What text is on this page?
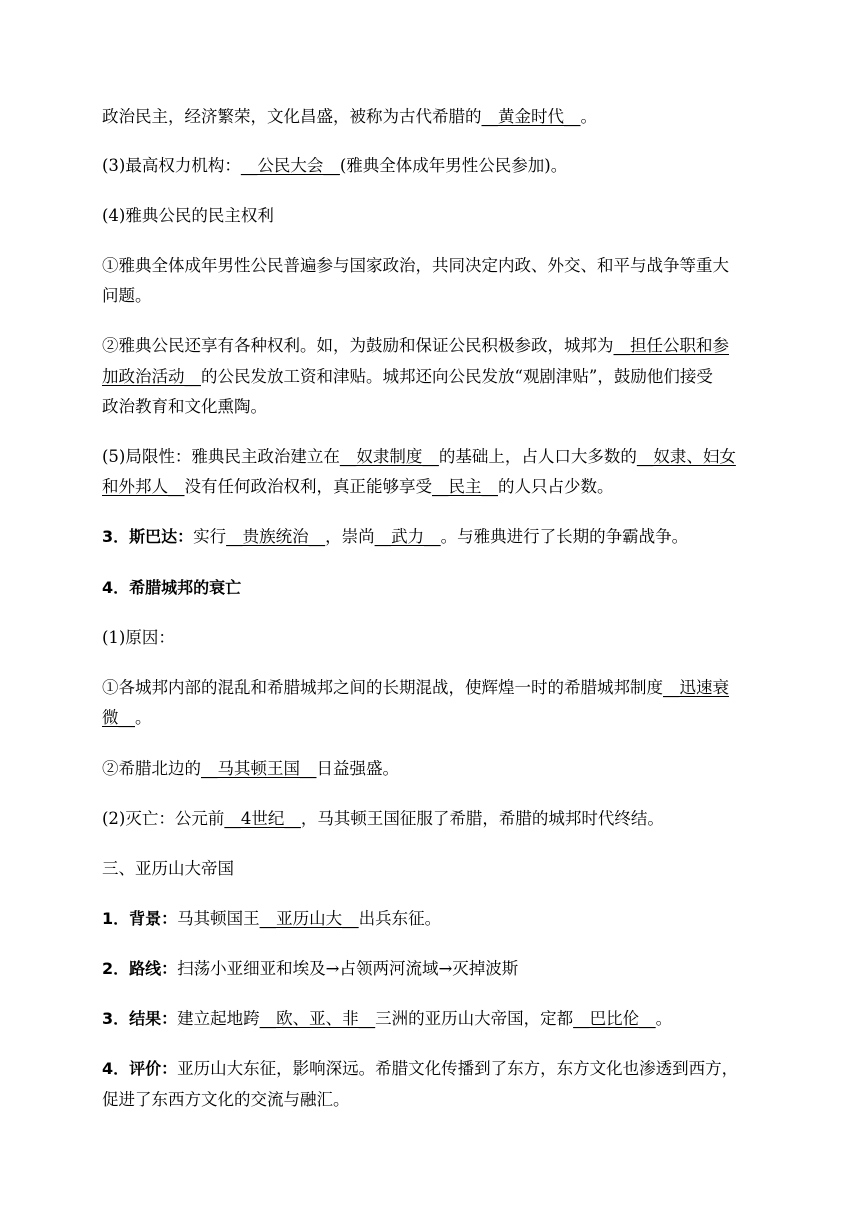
政治民主，经济繁荣，文化昌盛，被称为古代希腊的__黄金时代__。
(3)最高权力机构：__公民大会__(雅典全体成年男性公民参加)。
(4)雅典公民的民主权利
①雅典全体成年男性公民普遍参与国家政治，共同决定内政、外交、和平与战争等重大
问题。
②雅典公民还享有各种权利。如，为鼓励和保证公民积极参政，城邦为__担任公职和参
加政治活动__的公民发放工资和津贴。城邦还向公民发放“观剧津贴”，鼓励他们接受
政治教育和文化熏陶。
(5)局限性：雅典民主政治建立在__奴隶制度__的基础上，占人口大多数的__奴隶、妇女
和外邦人__没有任何政治权利，真正能够享受__民主__的人只占少数。
3．斯巴达：实行__贵族统治__，崇尚__武力__。与雅典进行了长期的争霸战争。
4．希腊城邦的衰亡
(1)原因：
①各城邦内部的混乱和希腊城邦之间的长期混战，使辉煌一时的希腊城邦制度__迅速衰
微__。
②希腊北边的__马其顿王国__日益强盛。
(2)灭亡：公元前__4世纪__，马其顿王国征服了希腊，希腊的城邦时代终结。
三、亚历山大帝国
1．背景：马其顿国王__亚历山大__出兵东征。
2．路线：扫荡小亚细亚和埃及→占领两河流域→灭掉波斯
3．结果：建立起地跨__欧、亚、非__三洲的亚历山大帝国，定都__巴比伦__。
4．评价：亚历山大东征，影响深远。希腊文化传播到了东方，东方文化也渗透到西方，
促进了东西方文化的交流与融汇。
